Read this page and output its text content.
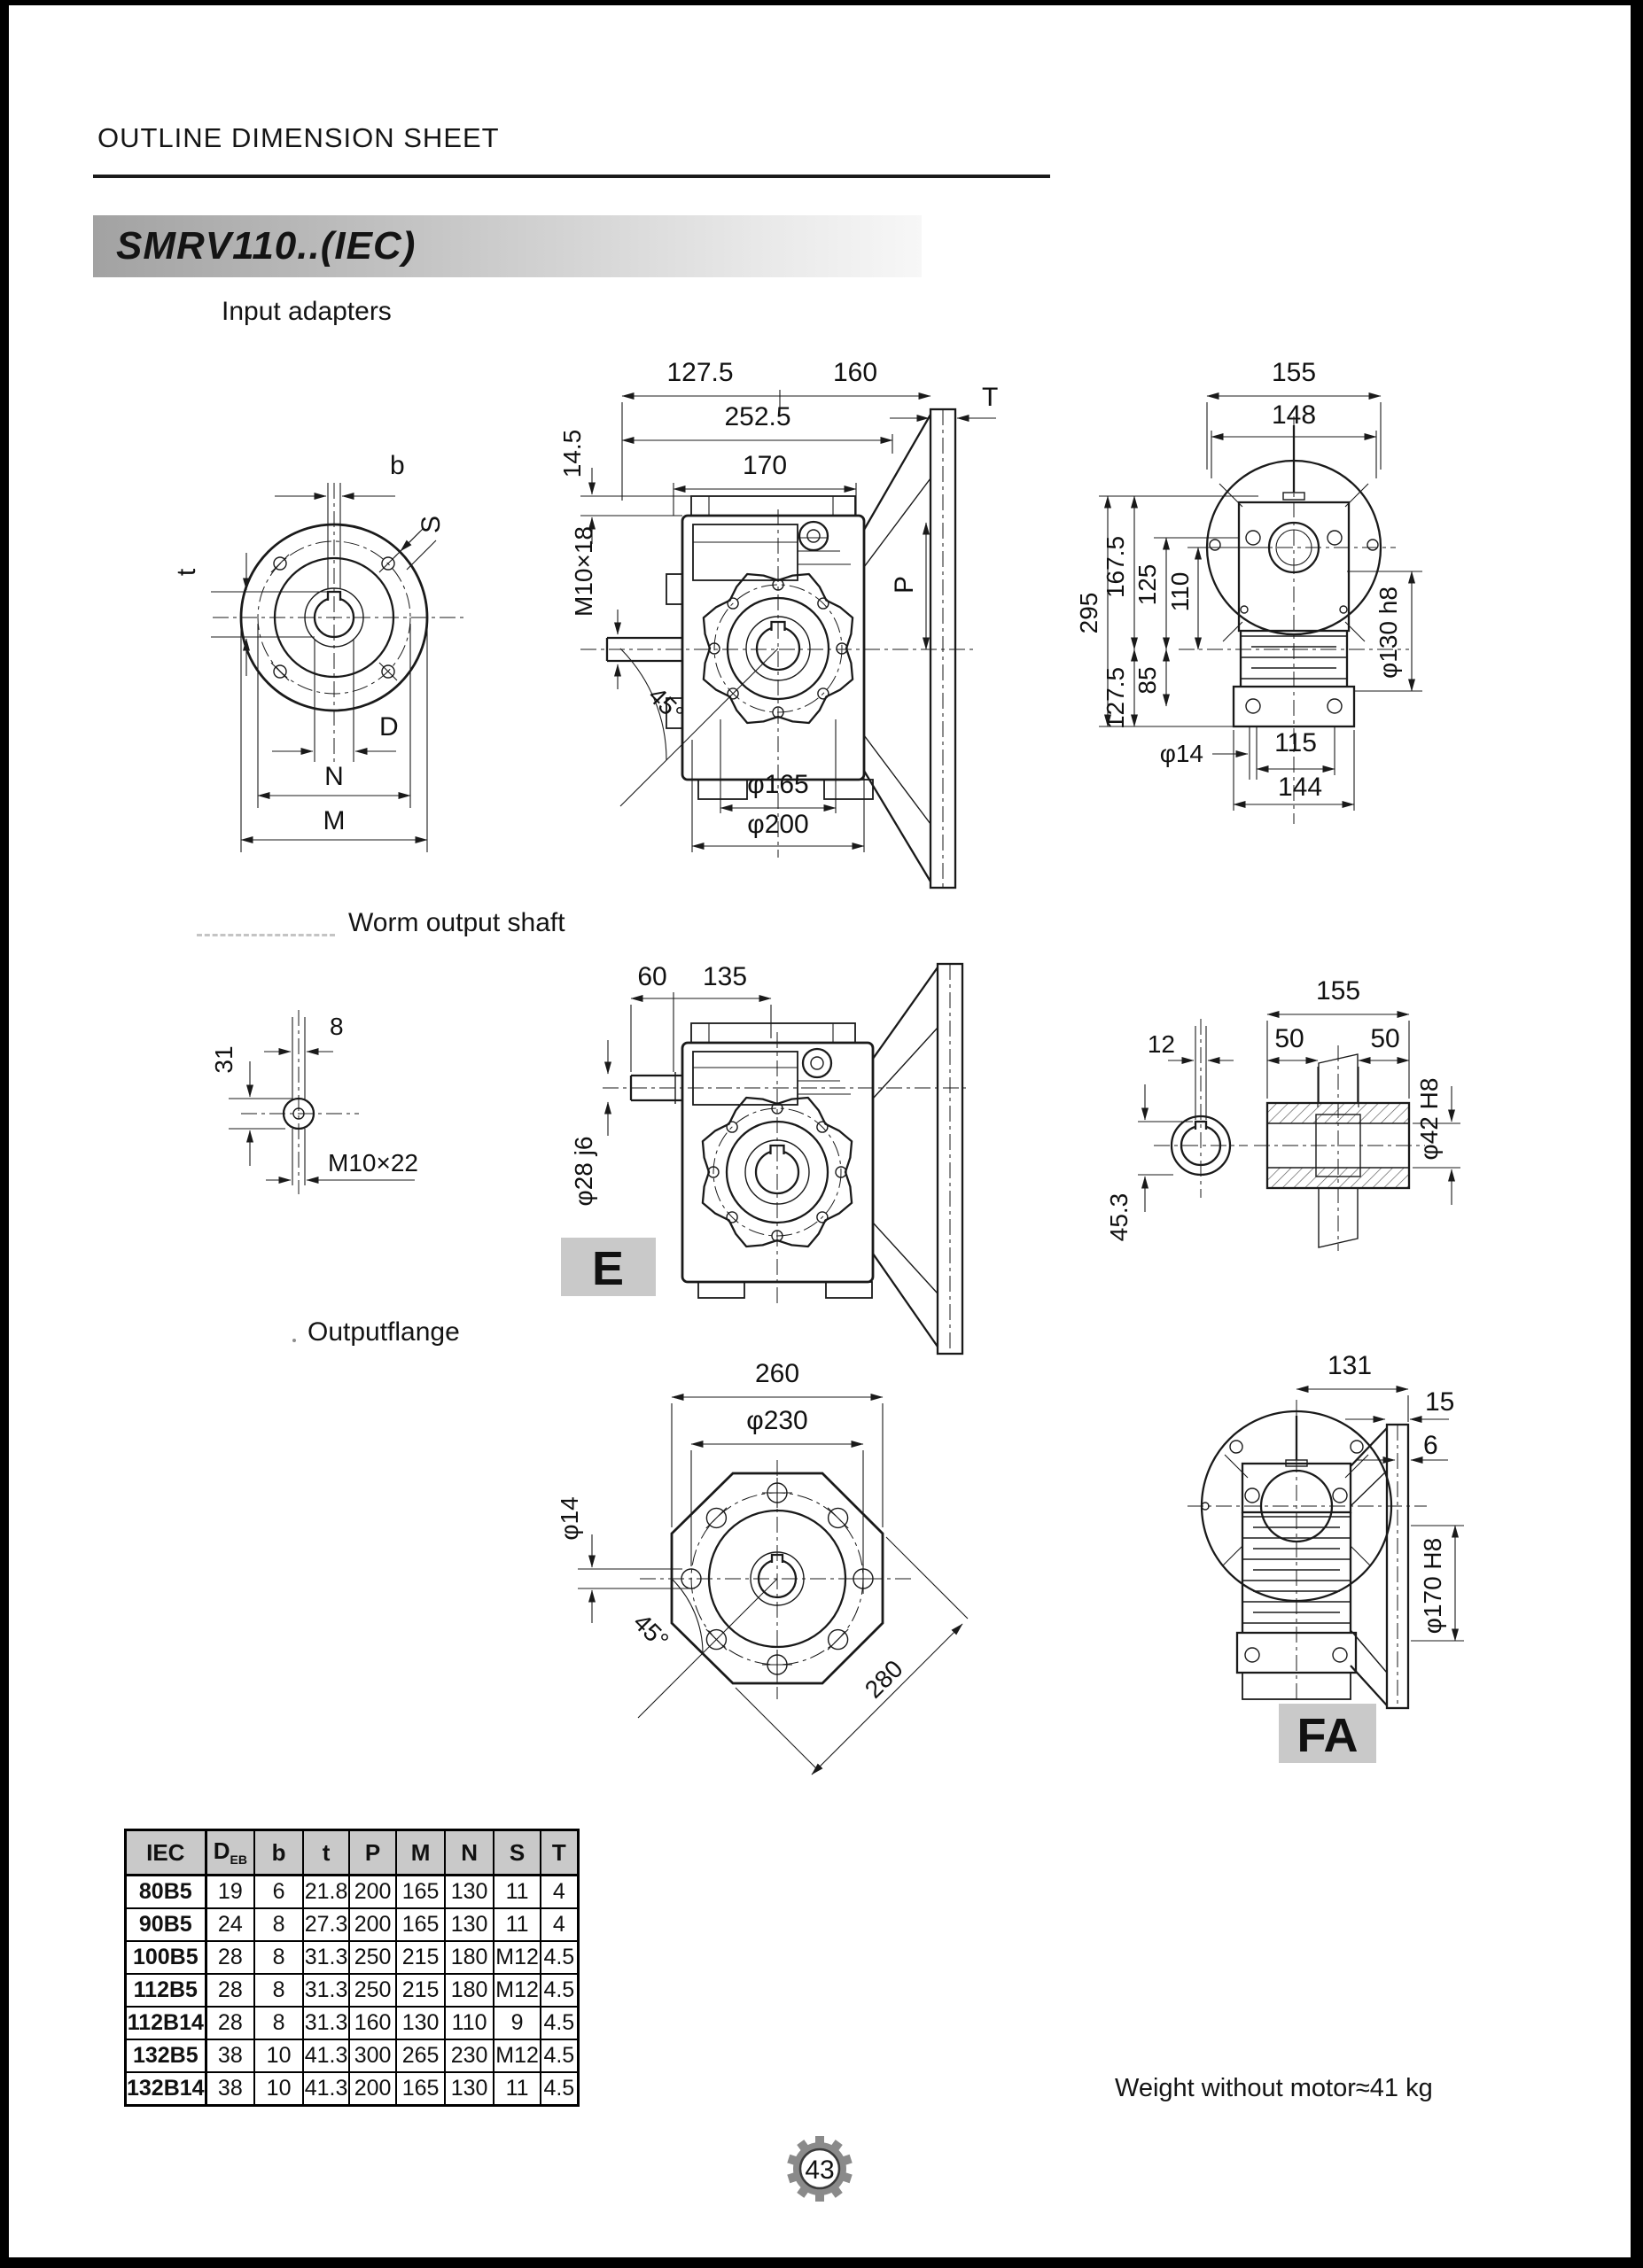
OUTLINE DIMENSION SHEET
SMRV110..(IEC)
Input adapters
Worm output shaft
Outputflange
Weight without motor≈41 kg
IEC	$D_{EB}$	b	t	P	M	N	S	T
80B5	19	6	21.8	200	165	130	11	4
90B5	24	8	27.3	200	165	130	11	4
100B5	28	8	31.3	250	215	180	M12	4.5
112B5	28	8	31.3	250	215	180	M12	4.5
112B14	28	8	31.3	160	130	110	9	4.5
132B5	38	10	41.3	300	265	230	M12	4.5
132B14	38	10	41.3	200	165	130	11	4.5
b
S
t
D
N
M
127.5	160
252.5
170
T
14.5
M10×18	P
45°
φ165
φ200
155
148
295
167.5 125 110
85
127.5
φ130 h8
φ14	115
144
31
8
M10×22
60 135
φ28 j6
E
12
45.3
155
50 50
φ42 H8
260
φ230
φ14
45°
280
131
15
6
φ170 H8
FA
43
